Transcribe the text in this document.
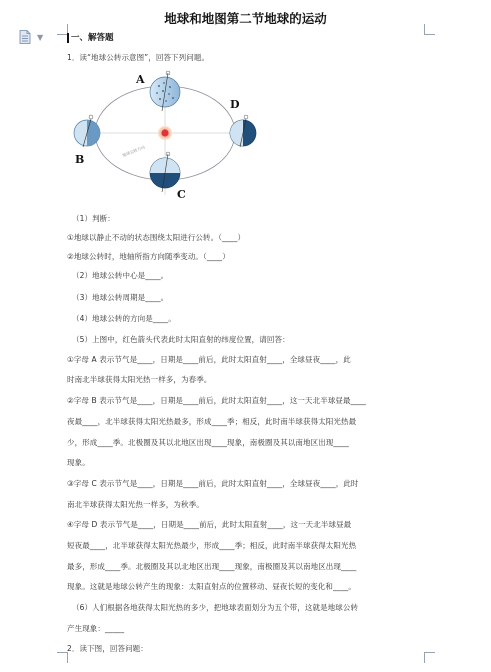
▼
地球和地图第二节地球的运动
一、解答题
1．读“地球公转示意图”，回答下列问题。
地球公转方向
A
B
D
C
（1）判断：
①地球以静止不动的状态围绕太阳进行公转。（____）
②地球公转时，地轴所指方向随季变动。（____）
（2）地球公转中心是____。
（3）地球公转周期是____。
（4）地球公转的方向是____。
（5）上图中，红色箭头代表此时太阳直射的纬度位置，请回答：
①字母 A 表示节气是____，日期是____前后，此时太阳直射____，全球昼夜____，此
时南北半球获得太阳光热一样多，为春季。
②字母 B 表示节气是____，日期是____前后，此时太阳直射____，这一天北半球昼最____
夜最____，北半球获得太阳光热最多，形成____季；相反，此时南半球获得太阳光热最
少，形成____季。北极圈及其以北地区出现____现象，南极圈及其以南地区出现____
现象。
③字母 C 表示节气是____，日期是____前后，此时太阳直射____，全球昼夜____，此时
南北半球获得太阳光热一样多，为秋季。
④字母 D 表示节气是____，日期是____前后，此时太阳直射____，这一天北半球昼最
短夜最____，北半球获得太阳光热最少，形成____季；相反，此时南半球获得太阳光热
最多，形成____季。北极圈及其以北地区出现____现象，南极圈及其以南地区出现____
现象。这就是地球公转产生的现象：太阳直射点的位置移动、昼夜长短的变化和____。
（6）人们根据各地获得太阳光热的多少，把地球表面划分为五个带，这就是地球公转
产生现象：_____
2．读下图，回答问题：
